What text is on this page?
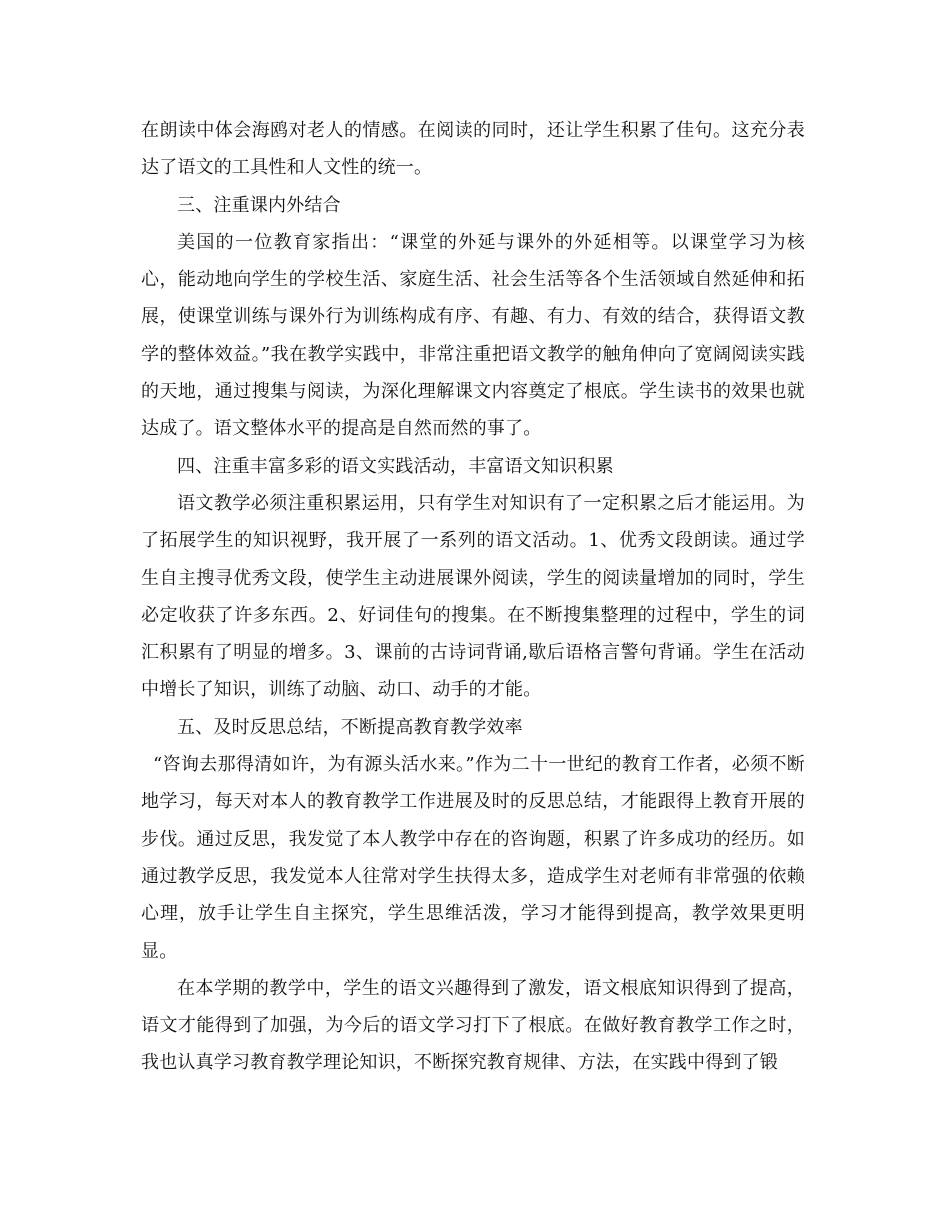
在朗读中体会海鸥对老人的情感。在阅读的同时，还让学生积累了佳句。这充分表达了语文的工具性和人文性的统一。

三、注重课内外结合

美国的一位教育家指出：“课堂的外延与课外的外延相等。以课堂学习为核心，能动地向学生的学校生活、家庭生活、社会生活等各个生活领域自然延伸和拓展，使课堂训练与课外行为训练构成有序、有趣、有力、有效的结合，获得语文教学的整体效益。”我在教学实践中，非常注重把语文教学的触角伸向了宽阔阅读实践的天地，通过搜集与阅读，为深化理解课文内容奠定了根底。学生读书的效果也就达成了。语文整体水平的提高是自然而然的事了。

四、注重丰富多彩的语文实践活动，丰富语文知识积累

语文教学必须注重积累运用，只有学生对知识有了一定积累之后才能运用。为了拓展学生的知识视野，我开展了一系列的语文活动。1、优秀文段朗读。通过学生自主搜寻优秀文段，使学生主动进展课外阅读，学生的阅读量增加的同时，学生必定收获了许多东西。2、好词佳句的搜集。在不断搜集整理的过程中，学生的词汇积累有了明显的增多。3、课前的古诗词背诵,歇后语格言警句背诵。学生在活动中增长了知识，训练了动脑、动口、动手的才能。

五、及时反思总结，不断提高教育教学效率

“咨询去那得清如许，为有源头活水来。”作为二十一世纪的教育工作者，必须不断地学习，每天对本人的教育教学工作进展及时的反思总结，才能跟得上教育开展的步伐。通过反思，我发觉了本人教学中存在的咨询题，积累了许多成功的经历。如通过教学反思，我发觉本人往常对学生扶得太多，造成学生对老师有非常强的依赖心理，放手让学生自主探究，学生思维活泼，学习才能得到提高，教学效果更明显。

在本学期的教学中，学生的语文兴趣得到了激发，语文根底知识得到了提高，语文才能得到了加强，为今后的语文学习打下了根底。在做好教育教学工作之时，我也认真学习教育教学理论知识，不断探究教育规律、方法，在实践中得到了锻
